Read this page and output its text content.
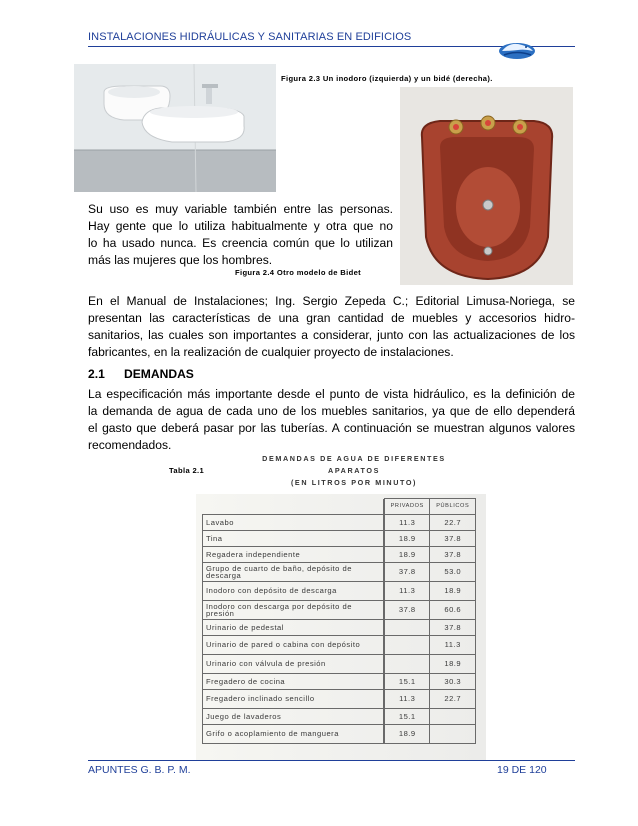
INSTALACIONES HIDRÁULICAS Y SANITARIAS EN EDIFICIOS
Figura 2.3 Un inodoro (izquierda) y un bidé (derecha).
Su uso es muy variable también entre las personas.
Hay gente que lo utiliza habitualmente y otra que no
lo ha usado nunca. Es creencia común que lo utilizan
más las mujeres que los hombres.
Figura 2.4 Otro modelo de Bidet
En el Manual de Instalaciones; Ing. Sergio Zepeda C.; Editorial Limusa-Noriega, se
presentan las características de una gran cantidad de muebles y accesorios hidro-
sanitarios, las cuales son importantes a considerar, junto con las actualizaciones de los
fabricantes, en la realización de cualquier proyecto de instalaciones.
2.1 DEMANDAS
La especificación más importante desde el punto de vista hidráulico, es la definición de
la demanda de agua de cada uno de los muebles sanitarios, ya que de ello dependerá
el gasto que deberá pasar por las tuberías. A continuación se muestran algunos valores
recomendados.
DEMANDAS DE AGUA DE DIFERENTES APARATOS
(EN LITROS POR MINUTO)
Tabla 2.1
		PRIVADOS	PÚBLICOS
Lavabo		11.3	22.7
Tina		18.9	37.8
Regadera independiente		18.9	37.8
Grupo de cuarto de baño, depósito de descarga		37.8	53.0
Inodoro con depósito de descarga		11.3	18.9
Inodoro con descarga por depósito de presión		37.8	60.6
Urinario de pedestal			37.8
Urinario de pared o cabina con depósito			11.3
Urinario con válvula de presión			18.9
Fregadero de cocina		15.1	30.3
Fregadero inclinado sencillo		11.3	22.7
Juego de lavaderos		15.1	
Grifo o acoplamiento de manguera		18.9	
APUNTES G. B. P. M.	19 DE 120
